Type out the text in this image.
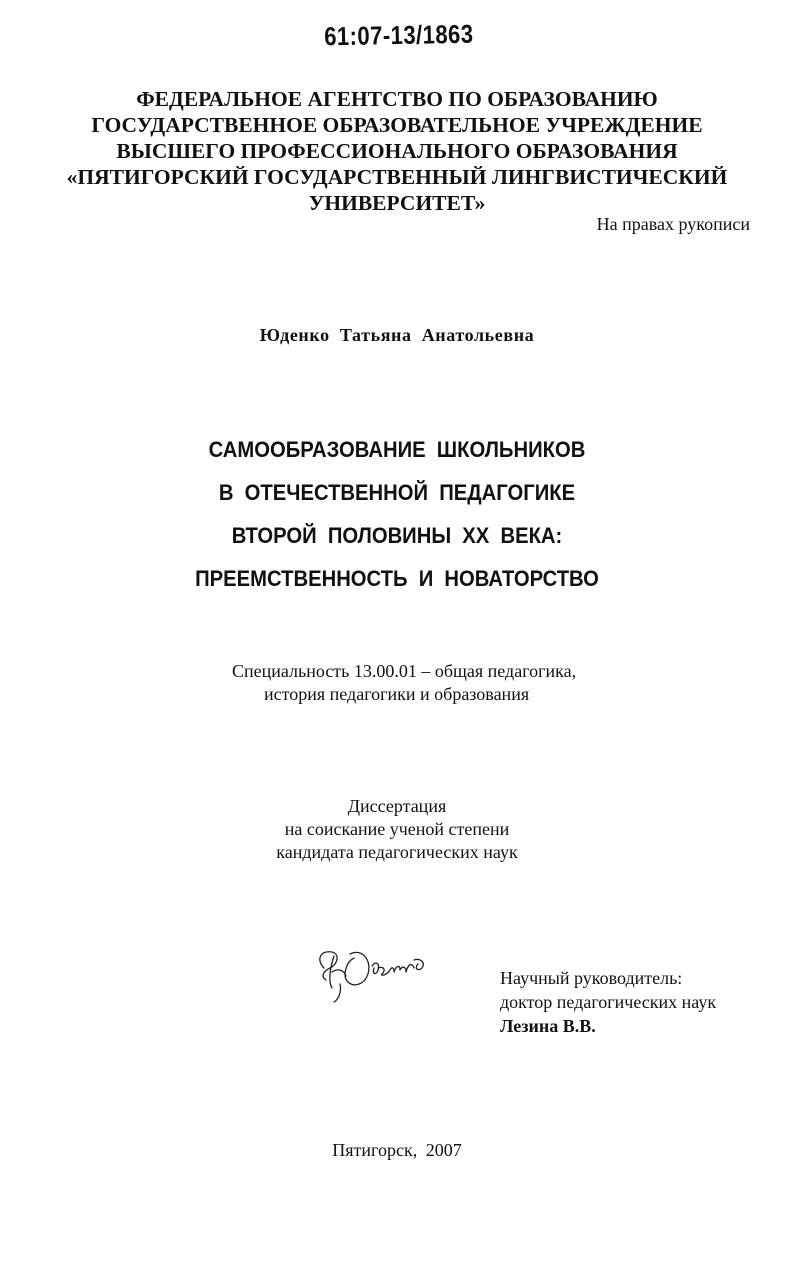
61:07-13/1863
ФЕДЕРАЛЬНОЕ АГЕНТСТВО ПО ОБРАЗОВАНИЮ
ГОСУДАРСТВЕННОЕ ОБРАЗОВАТЕЛЬНОЕ УЧРЕЖДЕНИЕ
ВЫСШЕГО ПРОФЕССИОНАЛЬНОГО ОБРАЗОВАНИЯ
«ПЯТИГОРСКИЙ ГОСУДАРСТВЕННЫЙ ЛИНГВИСТИЧЕСКИЙ
УНИВЕРСИТЕТ»
На правах рукописи
Юденко Татьяна Анатольевна
САМООБРАЗОВАНИЕ ШКОЛЬНИКОВ
В ОТЕЧЕСТВЕННОЙ ПЕДАГОГИКЕ
ВТОРОЙ ПОЛОВИНЫ XX ВЕКА:
ПРЕЕМСТВЕННОСТЬ И НОВАТОРСТВО
Специальность 13.00.01 – общая педагогика,
история педагогики и образования
Диссертация
на соискание ученой степени
кандидата педагогических наук
Научный руководитель:
доктор педагогических наук
Лезина В.В.
Пятигорск, 2007
